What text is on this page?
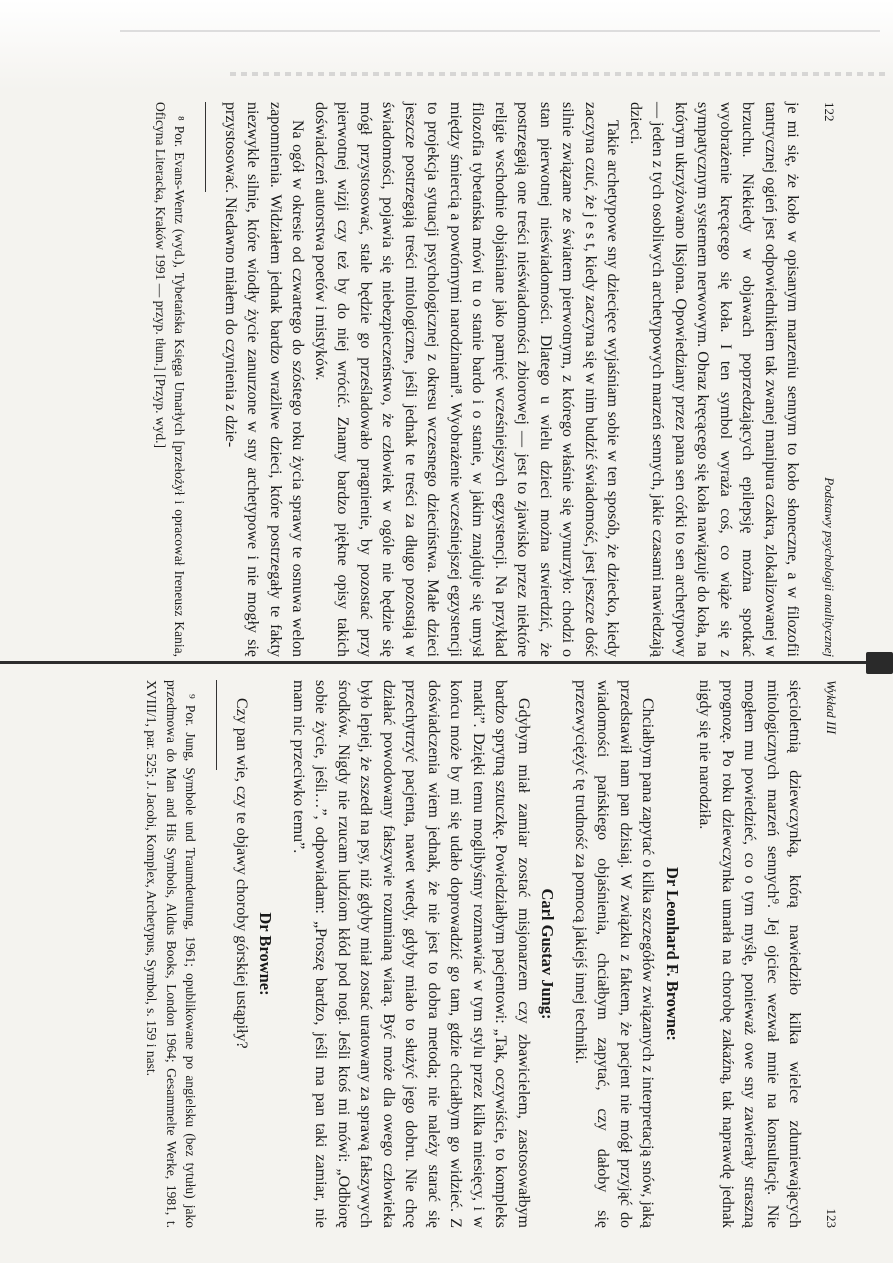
122
Podstawy psychologii analitycznej

je mi się, że koło w opisanym marzeniu sennym to koło słoneczne, a w filozofii tantrycznej ogień jest odpowiednikiem tak zwanej manipura czakra, zlokalizowanej w brzuchu. Niekiedy w objawach poprzedzających epilepsję można spotkać wyobrażenie kręcącego się koła. I ten symbol wyraża coś, co wiąże się z sympatycznym systemem nerwowym. Obraz kręcącego się koła nawiązuje do koła, na którym ukrzyżowano Iksjona. Opowiedziany przez pana sen córki to sen archetypowy — jeden z tych osobliwych archetypowych marzeń sennych, jakie czasami nawiedzają dzieci.

Takie archetypowe sny dziecięce wyjaśniam sobie w ten sposób, że dziecko, kiedy zaczyna czuć, że j e s t, kiedy zaczyna się w nim budzić świadomość, jest jeszcze dość silnie związane ze światem pierwotnym, z którego właśnie się wynurzyło: chodzi o stan pierwotnej nieświadomości. Dlatego u wielu dzieci można stwierdzić, że postrzegają one treści nieświadomości zbiorowej — jest to zjawisko przez niektóre religie wschodnie objaśniane jako pamięć wcześniejszych egzystencji. Na przykład filozofia tybetańska mówi tu o stanie bardo i o stanie, w jakim znajduje się umysł między śmiercią a powtórnymi narodzinami⁸. Wyobrażenie wcześniejszej egzystencji to projekcja sytuacji psychologicznej z okresu wczesnego dzieciństwa. Małe dzieci jeszcze postrzegają treści mitologiczne, jeśli jednak te treści za długo pozostają w świadomości, pojawia się niebezpieczeństwo, że człowiek w ogóle nie będzie się mógł przystosować, stale będzie go prześladowało pragnienie, by pozostać przy pierwotnej wizji czy też by do niej wrócić. Znamy bardzo piękne opisy takich doświadczeń autorstwa poetów i mistyków.

Na ogół w okresie od czwartego do szóstego roku życia sprawy te osnuwa welon zapomnienia. Widziałem jednak bardzo wrażliwe dzieci, które postrzegały te fakty niezwykle silnie, które wiodły życie zanurzone w sny archetypowe i nie mogły się przystosować. Niedawno miałem do czynienia z dzie-

⁸ Por. Evans-Wentz (wyd.), Tybetańska Księga Umarłych [przełożył i opracował Ireneusz Kania, Oficyna Literacka, Kraków 1991 — przyp. tłum.] [Przyp. wyd.]

Wykład III
123

sięcioletnią dziewczynką, którą nawiedziło kilka wielce zdumiewających mitologicznych marzeń sennych⁹. Jej ojciec wezwał mnie na konsultację. Nie mogłem mu powiedzieć, co o tym myślę, ponieważ owe sny zawierały straszną prognozę. Po roku dziewczynka umarła na chorobę zakaźną, tak naprawdę jednak nigdy się nie narodziła.

Dr Leonhard F. Browne:

Chciałbym pana zapytać o kilka szczegółów związanych z interpretacją snów, jaką przedstawił nam pan dzisiaj. W związku z faktem, że pacjent nie mógł przyjąć do wiadomości pańskiego objaśnienia, chciałbym zapytać, czy dałoby się przezwyciężyć tę trudność za pomocą jakiejś innej techniki.

Carl Gustav Jung:

Gdybym miał zamiar zostać misjonarzem czy zbawicielem, zastosowałbym bardzo sprytną sztuczkę. Powiedziałbym pacjentowi: „Tak, oczywiście, to kompleks matki”. Dzięki temu moglibyśmy rozmawiać w tym stylu przez kilka miesięcy, i w końcu może by mi się udało doprowadzić go tam, gdzie chciałbym go widzieć. Z doświadczenia wiem jednak, że nie jest to dobra metoda; nie należy starać się przechytrzyć pacjenta, nawet wtedy, gdyby miało to służyć jego dobru. Nie chcę działać powodowany fałszywie rozumianą wiarą. Być może dla owego człowieka było lepiej, że zszedł na psy, niż gdyby miał zostać uratowany za sprawą fałszywych środków. Nigdy nie rzucam ludziom kłód pod nogi. Jeśli ktoś mi mówi: „Odbiorę sobie życie, jeśli…”, odpowiadam: „Proszę bardzo, jeśli ma pan taki zamiar, nie mam nic przeciwko temu”.

Dr Browne:

Czy pan wie, czy te objawy choroby górskiej ustąpiły?

⁹ Por. Jung, Symbole und Traumdeutung, 1961; opublikowane po angielsku (bez tytułu) jako przedmowa do Man and His Symbols, Aldus Books, London 1964; Gesammelte Werke, 1981, t. XVIII/1, par. 525; J. Jacobi, Komplex, Archetypus, Symbol, s. 159 i nast.
